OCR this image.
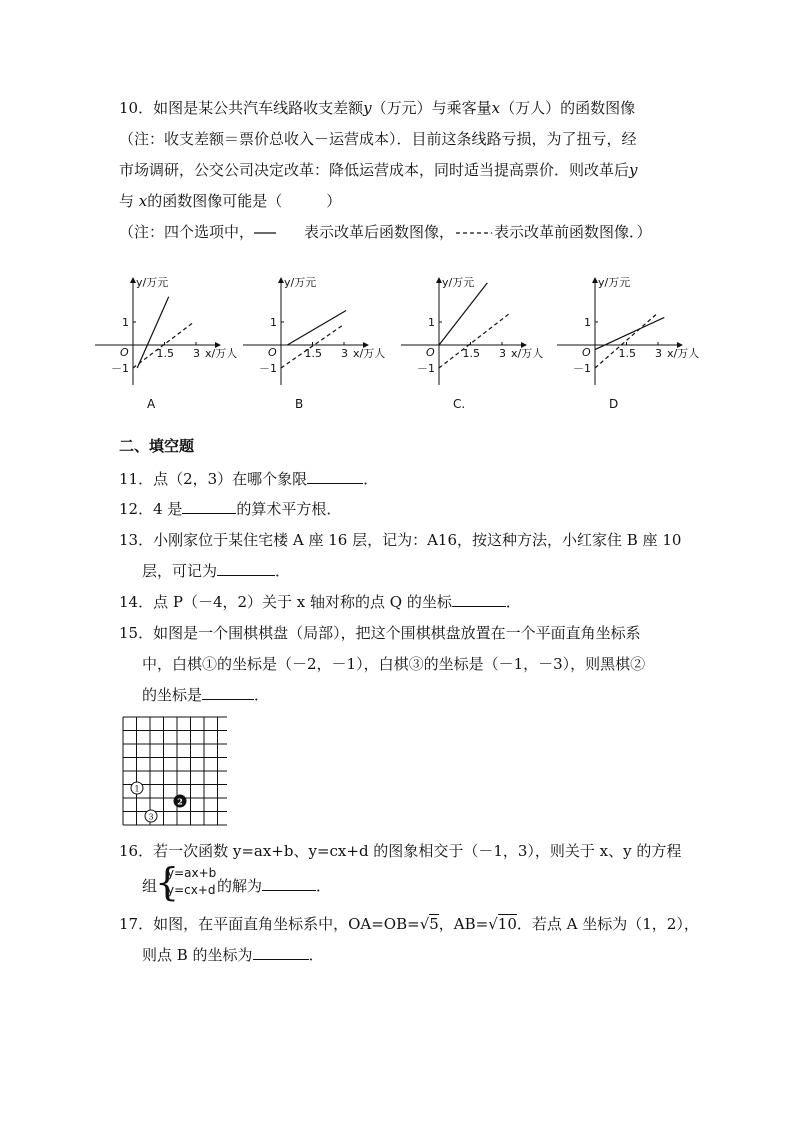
10．如图是某公共汽车线路收支差额y（万元）与乘客量x（万人）的函数图像
（注：收支差额＝票价总收入－运营成本）．目前这条线路亏损，为了扭亏，经
市场调研，公交公司决定改革：降低运营成本，同时适当提高票价．则改革后y
与 x的函数图像可能是（	）
（注：四个选项中，	表示改革后函数图像，	表示改革前函数图像．）
y/万元
x/万人
O
1
－1
1.5 3
A
y/万元
x/万人
O
1
－1
1.5 3
B
y/万元
x/万人
O
1
－1
1.5 3
C.
y/万元
x/万人
O
1
－1
1.5 3
D
二、填空题
11．点（2，3）在哪个象限	．
12．4 是	的算术平方根．
13．小刚家位于某住宅楼 A 座 16 层，记为：A16，按这种方法，小红家住 B 座 10
层，可记为	．
14．点 P（－4，2）关于 x 轴对称的点 Q 的坐标	．
15．如图是一个围棋棋盘（局部），把这个围棋棋盘放置在一个平面直角坐标系
中，白棋①的坐标是（－2，－1），白棋③的坐标是（－1，－3），则黑棋②
的坐标是	．
1
2
3
16．若一次函数 y=ax+b、y=cx+d 的图象相交于（－1，3），则关于 x、y 的方程
组
{
y=ax+b
y=cx+d 的解为	．
17．如图，在平面直角坐标系中，OA=OB=√5，AB=√10．若点 A 坐标为（1，2），
则点 B 的坐标为	．
